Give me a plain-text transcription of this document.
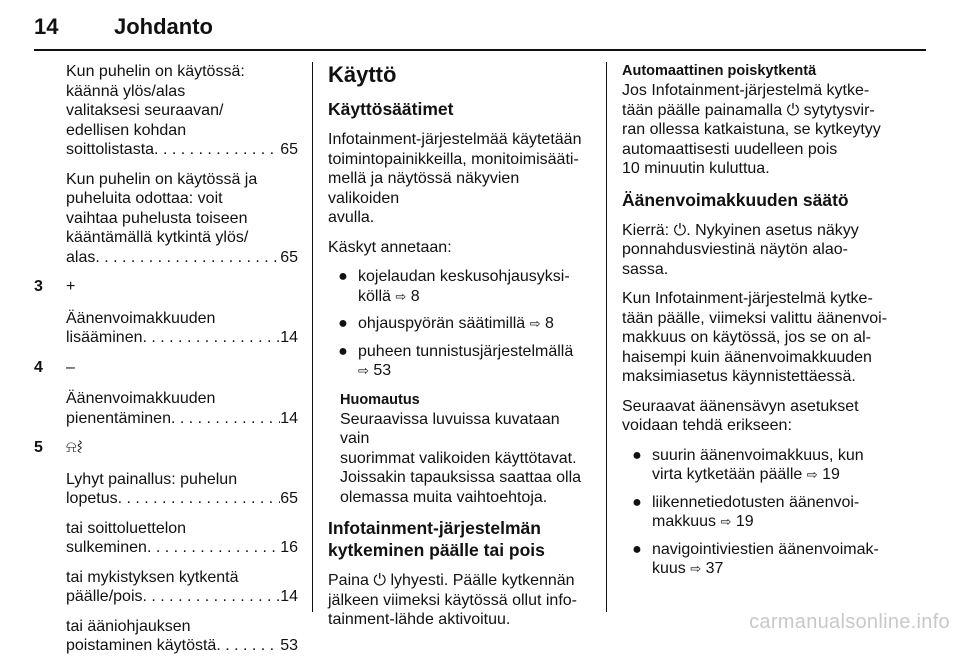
14	Johdanto

Kun puhelin on käytössä:
käännä ylös/alas
valitaksesi seuraavan/
edellisen kohdan
soittolistasta . . .	65

Kun puhelin on käytössä ja
puheluita odottaa: voit
vaihtaa puhelusta toiseen
kääntämällä kytkintä ylös/
alas . . .	65

3	+

Äänenvoimakkuuden
lisääminen . . .	14

4	–

Äänenvoimakkuuden
pienentäminen . . .	14

5	⍾⌇

Lyhyt painallus: puhelun
lopetus . . .	65

tai soittoluettelon
sulkeminen . . .	16

tai mykistyksen kytkentä
päälle/pois . . .	14

tai ääniohjauksen
poistaminen käytöstä . . .	53

Käyttö
Käyttösäätimet

Infotainment-järjestelmää käytetään
toimintopainikkeilla, monitoimisääti-
mellä ja näytössä näkyvien valikoiden
avulla.

Käskyt annetaan:

● kojelaudan keskusohjausyksi-
köllä ⇨ 8
● ohjauspyörän säätimillä ⇨ 8
● puheen tunnistusjärjestelmällä
⇨ 53
Huomautus
Seuraavissa luvuissa kuvataan vain
suorimmat valikoiden käyttötavat.
Joissakin tapauksissa saattaa olla
olemassa muita vaihtoehtoja.
Infotainment-järjestelmän
kytkeminen päälle tai pois

Paina ⏻ lyhyesti. Päälle kytkennän
jälkeen viimeksi käytössä ollut info-
tainment-lähde aktivoituu.

Automaattinen poiskytkentä

Jos Infotainment-järjestelmä kytke-
tään päälle painamalla ⏻ sytytysvir-
ran ollessa katkaistuna, se kytkeytyy
automaattisesti uudelleen pois
10 minuutin kuluttua.

Äänenvoimakkuuden säätö

Kierrä: ⏻. Nykyinen asetus näkyy
ponnahdusviestinä näytön alao-
sassa.

Kun Infotainment-järjestelmä kytke-
tään päälle, viimeksi valittu äänenvoi-
makkuus on käytössä, jos se on al-
haisempi kuin äänenvoimakkuuden
maksimiasetus käynnistettäessä.

Seuraavat äänensävyn asetukset
voidaan tehdä erikseen:

● suurin äänenvoimakkuus, kun
virta kytketään päälle ⇨ 19
● liikennetiedotusten äänenvoi-
makkuus ⇨ 19
● navigointiviestien äänenvoimak-
kuus ⇨ 37
carmanualsonline.info
